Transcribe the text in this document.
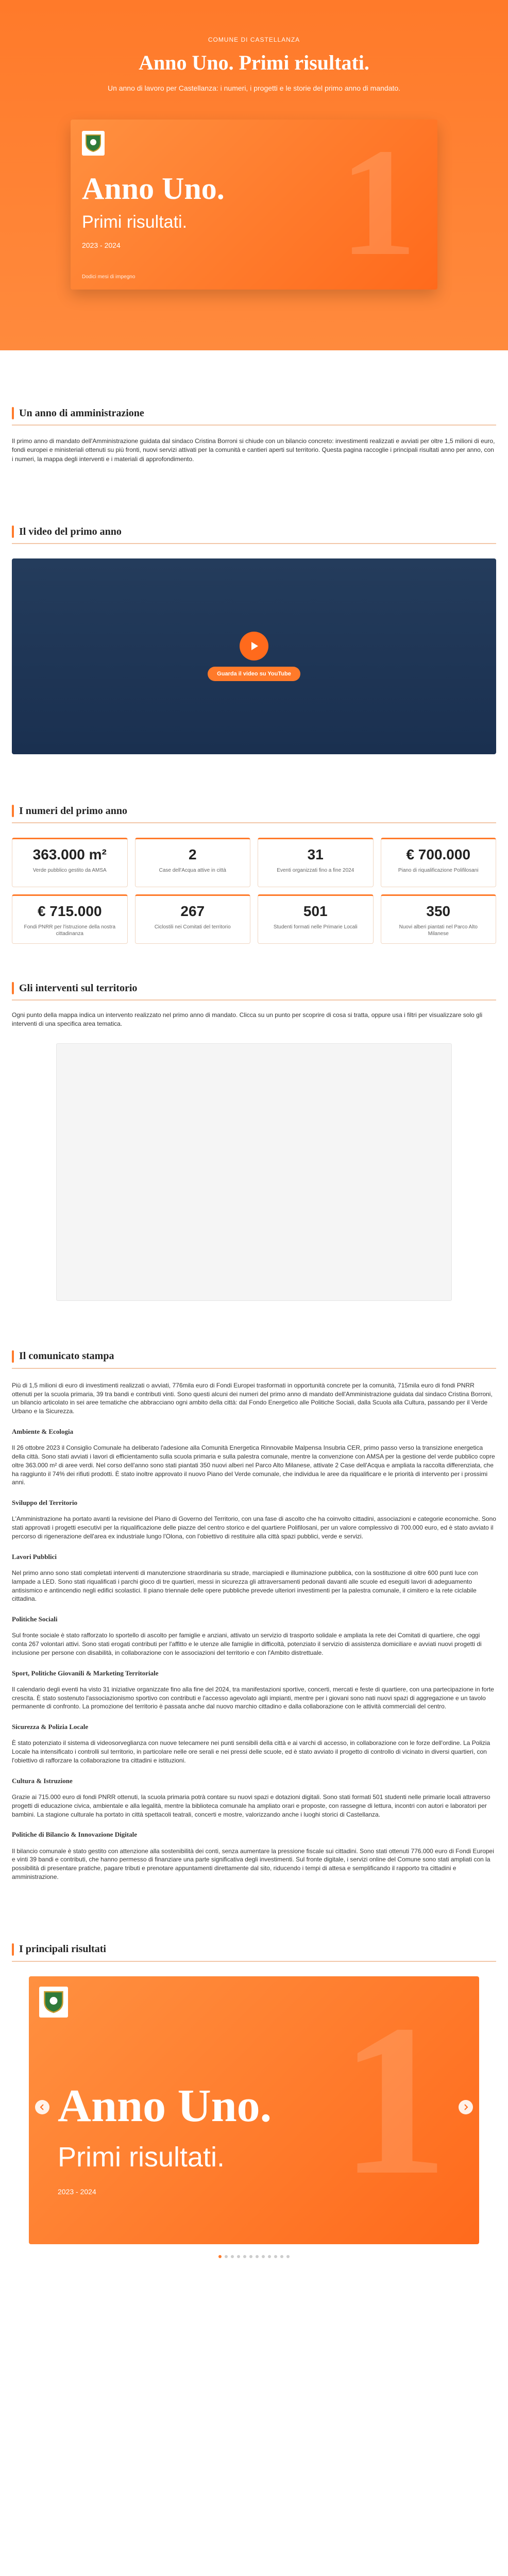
COMUNE DI CASTELLANZA
Anno Uno. Primi risultati.
Un anno di lavoro per Castellanza: i numeri, i progetti e le storie del primo anno di mandato.
1
Anno Uno.
Primi risultati.
2023 - 2024
Dodici mesi di impegno
Un anno di amministrazione

Il primo anno di mandato dell'Amministrazione guidata dal sindaco Cristina Borroni si chiude con un bilancio concreto: investimenti realizzati e avviati per oltre 1,5 milioni di euro, fondi europei e ministeriali ottenuti su più fronti, nuovi servizi attivati per la comunità e cantieri aperti sul territorio. Questa pagina raccoglie i principali risultati anno per anno, con i numeri, la mappa degli interventi e i materiali di approfondimento.

Il video del primo anno
Guarda il video su YouTube
I numeri del primo anno
363.000 m²
Verde pubblico gestito da AMSA
2
Case dell'Acqua attive in città
31
Eventi organizzati fino a fine 2024
€ 700.000
Piano di riqualificazione Polifilosani
€ 715.000
Fondi PNRR per l'istruzione della nostra cittadinanza
267
Ciclostili nei Comitati del territorio
501
Studenti formati nelle Primarie Locali
350
Nuovi alberi piantati nel Parco Alto Milanese
Gli interventi sul territorio

Ogni punto della mappa indica un intervento realizzato nel primo anno di mandato. Clicca su un punto per scoprire di cosa si tratta, oppure usa i filtri per visualizzare solo gli interventi di una specifica area tematica.

Il comunicato stampa

Più di 1,5 milioni di euro di investimenti realizzati o avviati, 776mila euro di Fondi Europei trasformati in opportunità concrete per la comunità, 715mila euro di fondi PNRR ottenuti per la scuola primaria, 39 tra bandi e contributi vinti. Sono questi alcuni dei numeri del primo anno di mandato dell'Amministrazione guidata dal sindaco Cristina Borroni, un bilancio articolato in sei aree tematiche che abbracciano ogni ambito della città: dal Fondo Energetico alle Politiche Sociali, dalla Scuola alla Cultura, passando per il Verde Urbano e la Sicurezza.

Ambiente & Ecologia

Il 26 ottobre 2023 il Consiglio Comunale ha deliberato l'adesione alla Comunità Energetica Rinnovabile Malpensa Insubria CER, primo passo verso la transizione energetica della città. Sono stati avviati i lavori di efficientamento sulla scuola primaria e sulla palestra comunale, mentre la convenzione con AMSA per la gestione del verde pubblico copre oltre 363.000 m² di aree verdi. Nel corso dell'anno sono stati piantati 350 nuovi alberi nel Parco Alto Milanese, attivate 2 Case dell'Acqua e ampliata la raccolta differenziata, che ha raggiunto il 74% dei rifiuti prodotti. È stato inoltre approvato il nuovo Piano del Verde comunale, che individua le aree da riqualificare e le priorità di intervento per i prossimi anni.

Sviluppo del Territorio

L'Amministrazione ha portato avanti la revisione del Piano di Governo del Territorio, con una fase di ascolto che ha coinvolto cittadini, associazioni e categorie economiche. Sono stati approvati i progetti esecutivi per la riqualificazione delle piazze del centro storico e del quartiere Polifilosani, per un valore complessivo di 700.000 euro, ed è stato avviato il percorso di rigenerazione dell'area ex industriale lungo l'Olona, con l'obiettivo di restituire alla città spazi pubblici, verde e servizi.

Lavori Pubblici

Nel primo anno sono stati completati interventi di manutenzione straordinaria su strade, marciapiedi e illuminazione pubblica, con la sostituzione di oltre 600 punti luce con lampade a LED. Sono stati riqualificati i parchi gioco di tre quartieri, messi in sicurezza gli attraversamenti pedonali davanti alle scuole ed eseguiti lavori di adeguamento antisismico e antincendio negli edifici scolastici. Il piano triennale delle opere pubbliche prevede ulteriori investimenti per la palestra comunale, il cimitero e la rete ciclabile cittadina.

Politiche Sociali

Sul fronte sociale è stato rafforzato lo sportello di ascolto per famiglie e anziani, attivato un servizio di trasporto solidale e ampliata la rete dei Comitati di quartiere, che oggi conta 267 volontari attivi. Sono stati erogati contributi per l'affitto e le utenze alle famiglie in difficoltà, potenziato il servizio di assistenza domiciliare e avviati nuovi progetti di inclusione per persone con disabilità, in collaborazione con le associazioni del territorio e con l'Ambito distrettuale.

Sport, Politiche Giovanili & Marketing Territoriale

Il calendario degli eventi ha visto 31 iniziative organizzate fino alla fine del 2024, tra manifestazioni sportive, concerti, mercati e feste di quartiere, con una partecipazione in forte crescita. È stato sostenuto l'associazionismo sportivo con contributi e l'accesso agevolato agli impianti, mentre per i giovani sono nati nuovi spazi di aggregazione e un tavolo permanente di confronto. La promozione del territorio è passata anche dal nuovo marchio cittadino e dalla collaborazione con le attività commerciali del centro.

Sicurezza & Polizia Locale

È stato potenziato il sistema di videosorveglianza con nuove telecamere nei punti sensibili della città e ai varchi di accesso, in collaborazione con le forze dell'ordine. La Polizia Locale ha intensificato i controlli sul territorio, in particolare nelle ore serali e nei pressi delle scuole, ed è stato avviato il progetto di controllo di vicinato in diversi quartieri, con l'obiettivo di rafforzare la collaborazione tra cittadini e istituzioni.

Cultura & Istruzione

Grazie ai 715.000 euro di fondi PNRR ottenuti, la scuola primaria potrà contare su nuovi spazi e dotazioni digitali. Sono stati formati 501 studenti nelle primarie locali attraverso progetti di educazione civica, ambientale e alla legalità, mentre la biblioteca comunale ha ampliato orari e proposte, con rassegne di lettura, incontri con autori e laboratori per bambini. La stagione culturale ha portato in città spettacoli teatrali, concerti e mostre, valorizzando anche i luoghi storici di Castellanza.

Politiche di Bilancio & Innovazione Digitale

Il bilancio comunale è stato gestito con attenzione alla sostenibilità dei conti, senza aumentare la pressione fiscale sui cittadini. Sono stati ottenuti 776.000 euro di Fondi Europei e vinti 39 bandi e contributi, che hanno permesso di finanziare una parte significativa degli investimenti. Sul fronte digitale, i servizi online del Comune sono stati ampliati con la possibilità di presentare pratiche, pagare tributi e prenotare appuntamenti direttamente dal sito, riducendo i tempi di attesa e semplificando il rapporto tra cittadini e amministrazione.

I principali risultati
1
Anno Uno.
Primi risultati.
2023 - 2024
